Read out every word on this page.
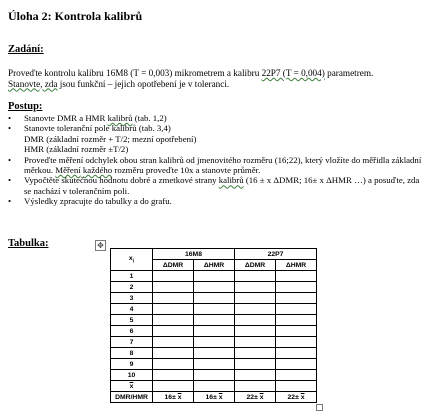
Úloha 2: Kontrola kalibrů
Zadání:
Proveďte kontrolu kalibru 16M8 (T = 0,003) mikrometrem a kalibru 22P7 (T = 0,004) parametrem.
Stanovte, zda jsou funkční – jejich opotřebení je v toleranci.
Postup:
• Stanovte DMR a HMR kalibrů (tab. 1,2)
• Stanovte toleranční pole kalibrů (tab. 3,4)
DMR (základní rozměr + T/2; mezní opotřebení)
HMR (základní rozměr ±T/2)
• Proveďte měření odchylek obou stran kalibrů od jmenovitého rozměru (16;22), který vložíte do měřidla základní měrkou. Měření každého rozměru proveďte 10x a stanovte průměr.
• Vypočtěte skutečnou hodnotu dobré a zmetkové strany kalibrů (16 ± x ΔDMR; 16± x ΔHMR …) a posuďte, zda se nachází v tolerančním poli.
• Výsledky zpracujte do tabulky a do grafu.
Tabulka:	✥
$x_i$	16M8		22P7	
	ΔDMR	ΔHMR	ΔDMR	ΔHMR
1				
2				
3				
4				
5				
6				
7				
8				
9				
10				
$\overline{x}$				
DMR/HMR	$16\pm \overline{x}$	$16\pm \overline{x}$	$22\pm \overline{x}$	$22\pm \overline{x}$
